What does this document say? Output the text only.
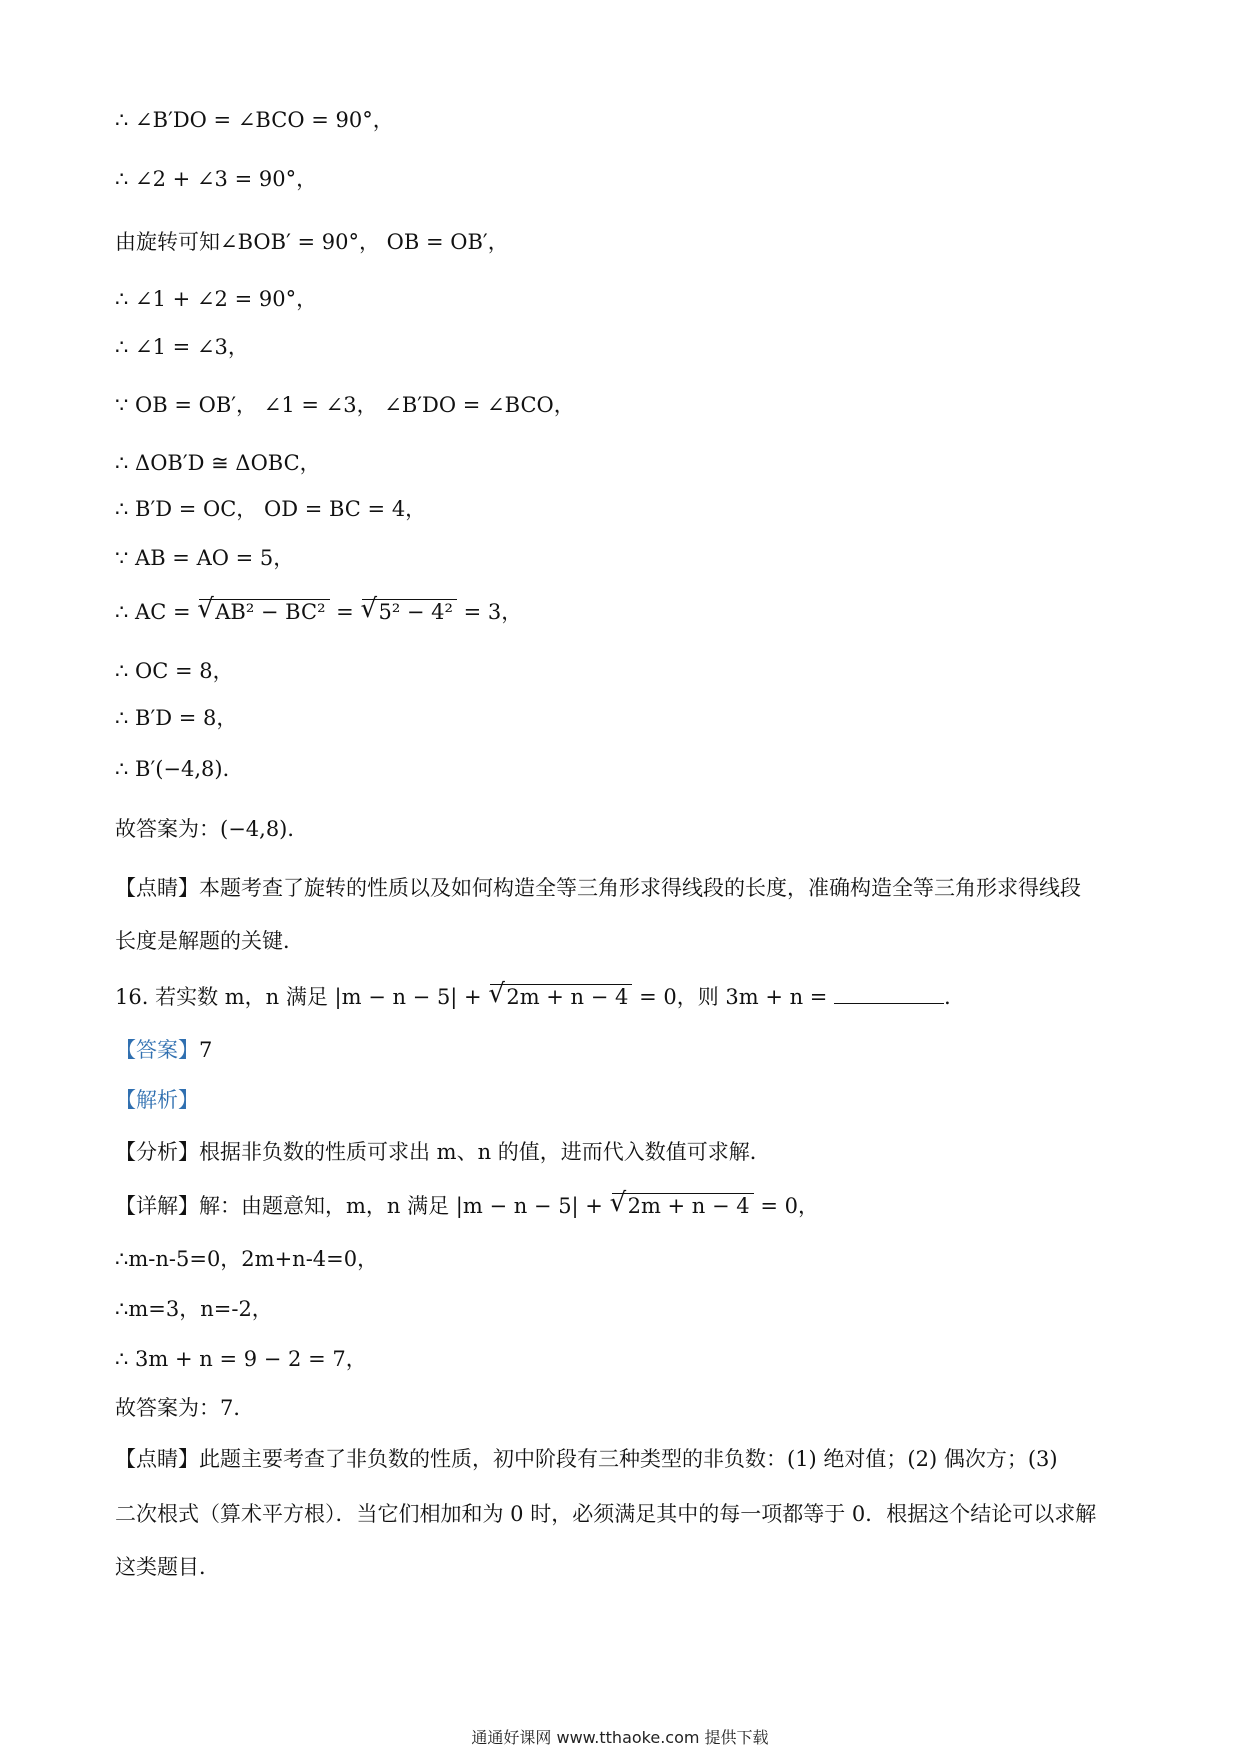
∴ AC = √ AB² − BC² = √ 5² − 4² = 3，
16. 若实数 m，n 满足 |m − n − 5| + √ 2m + n − 4 = 0，则 3m + n =	．
【答案】7
【解析】
【分析】根据非负数的性质可求出 m、n 的值，进而代入数值可求解．
【详解】解：由题意知，m，n 满足 |m − n − 5| + √ 2m + n − 4 = 0，
∴ ∠B′DO = ∠BCO = 90°，
∴ ∠2 + ∠3 = 90°，
由旋转可知∠BOB′ = 90°， OB = OB′，
∴ ∠1 + ∠2 = 90°，
∴ ∠1 = ∠3，
∵ OB = OB′， ∠1 = ∠3， ∠B′DO = ∠BCO，
∴ ΔOB′D ≅ ΔOBC，
∴ B′D = OC， OD = BC = 4，
∵ AB = AO = 5，
∴ OC = 8，
∴ B′D = 8，
∴ B′(−4,8)．
故答案为：(−4,8)．
【点睛】本题考查了旋转的性质以及如何构造全等三角形求得线段的长度，准确构造全等三角形求得线段
长度是解题的关键．
∴m-n-5=0，2m+n-4=0，
∴m=3，n=-2，
∴ 3m + n = 9 − 2 = 7，
故答案为：7．
【点睛】此题主要考查了非负数的性质，初中阶段有三种类型的非负数：(1) 绝对值；(2) 偶次方；(3)
二次根式（算术平方根）．当它们相加和为 0 时，必须满足其中的每一项都等于 0．根据这个结论可以求解
这类题目．
通通好课网 www.tthaoke.com 提供下载
